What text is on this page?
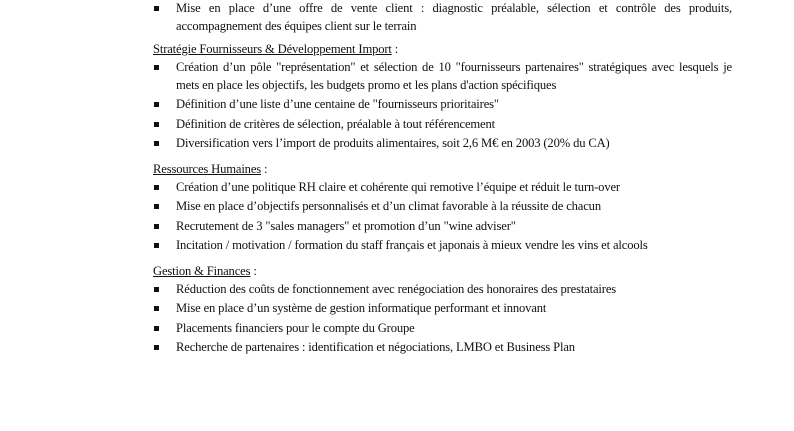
Mise en place d’une offre de vente client : diagnostic préalable, sélection et contrôle des produits, accompagnement des équipes client sur le terrain
Stratégie Fournisseurs & Développement Import :
Création d’un pôle "représentation" et sélection de 10 "fournisseurs partenaires" stratégiques avec lesquels je mets en place les objectifs, les budgets promo et les plans d'action spécifiques
Définition d’une liste d’une centaine de "fournisseurs prioritaires"
Définition de critères de sélection, préalable à tout référencement
Diversification vers l’import de produits alimentaires, soit 2,6 M€ en 2003 (20% du CA)
Ressources Humaines :
Création d’une politique RH claire et cohérente qui remotive l’équipe et réduit le turn-over
Mise en place d’objectifs personnalisés et d’un climat favorable à la réussite de chacun
Recrutement de 3 "sales managers" et promotion d’un "wine adviser"
Incitation / motivation / formation du staff français et japonais à mieux vendre les vins et alcools
Gestion & Finances :
Réduction des coûts de fonctionnement avec renégociation des honoraires des prestataires
Mise en place d’un système de gestion informatique performant et innovant
Placements financiers pour le compte du Groupe
Recherche de partenaires : identification et négociations, LMBO et Business Plan
